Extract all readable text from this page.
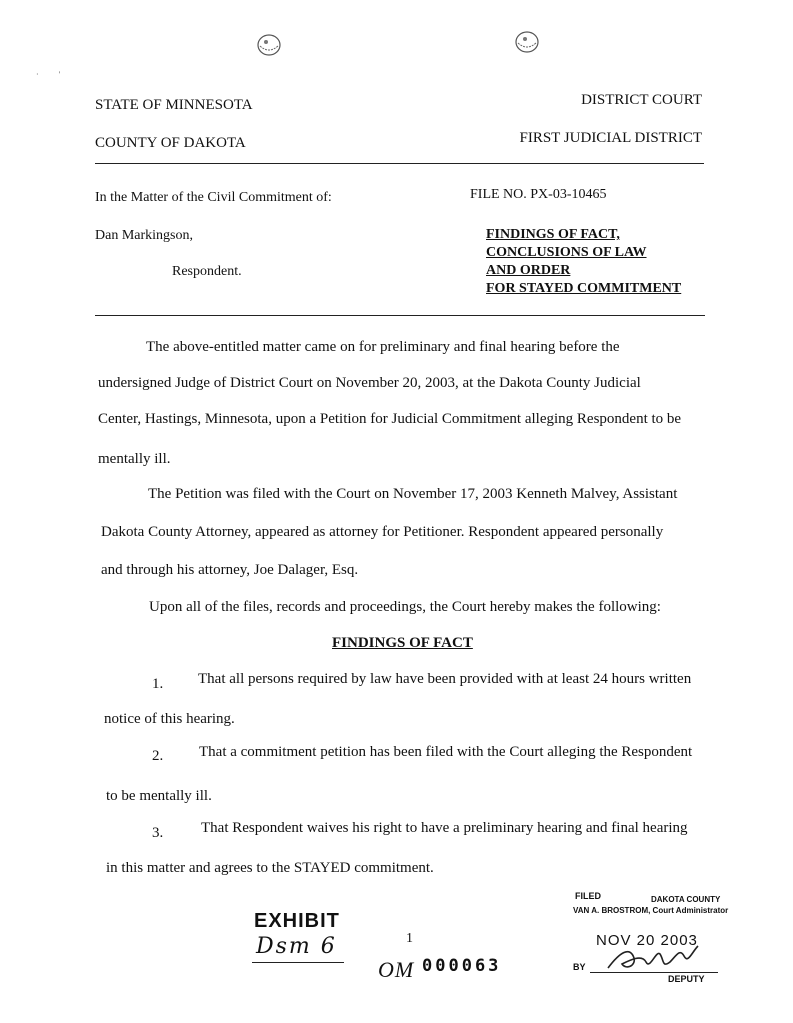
·          ′
STATE OF MINNESOTA
COUNTY OF DAKOTA
DISTRICT COURT
FIRST JUDICIAL DISTRICT
In the Matter of the Civil Commitment of:
Dan Markingson,
Respondent.
FILE NO. PX-03-10465
FINDINGS OF FACT,
CONCLUSIONS OF LAW
AND ORDER
FOR STAYED COMMITMENT
The above-entitled matter came on for preliminary and final hearing before the
undersigned Judge of District Court on November 20, 2003, at the Dakota County Judicial
Center, Hastings, Minnesota, upon a Petition for Judicial Commitment alleging Respondent to be
mentally ill.
The Petition was filed with the Court on November 17, 2003 Kenneth Malvey, Assistant
Dakota County Attorney, appeared as attorney for Petitioner. Respondent appeared personally
and through his attorney, Joe Dalager, Esq.
Upon all of the files, records and proceedings, the Court hereby makes the following:
FINDINGS OF FACT
1. That all persons required by law have been provided with at least 24 hours written
notice of this hearing.
2. That a commitment petition has been filed with the Court alleging the Respondent
to be mentally ill.
3.	That Respondent waives his right to have a preliminary hearing and final hearing
in this matter and agrees to the STAYED commitment.
EXHIBIT
Dsm 6	1
OM 000063
FILED	DAKOTA COUNTY
VAN A. BROSTROM, Court Administrator
NOV 20 2003
BY
DEPUTY
